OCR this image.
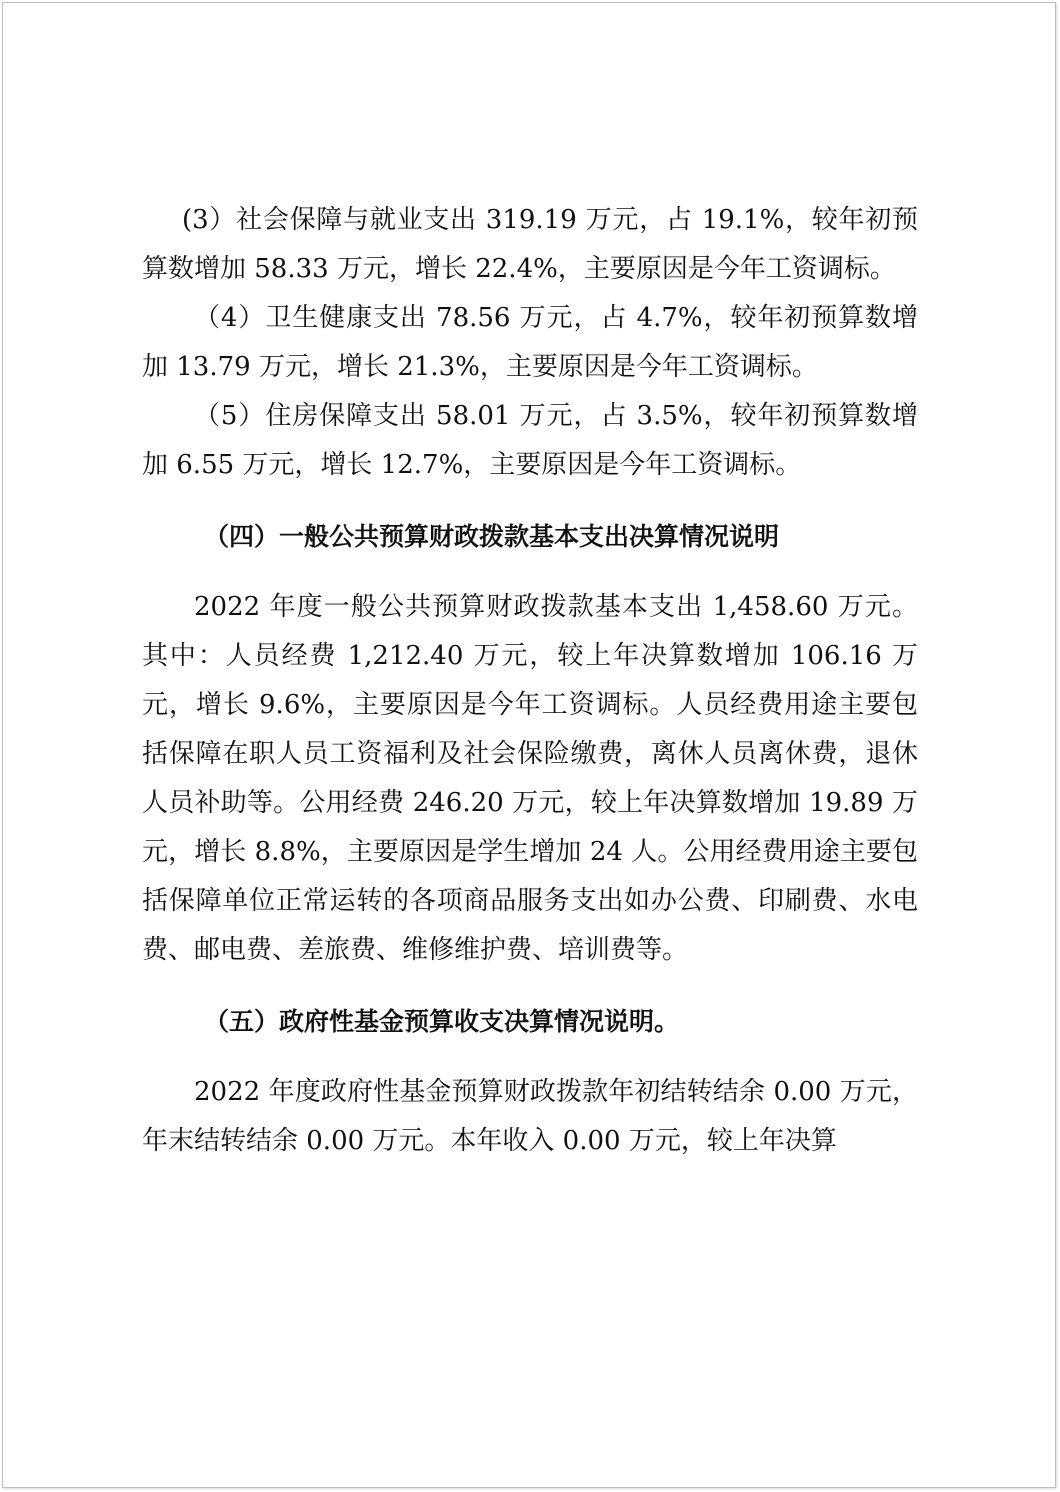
(3）社会保障与就业支出 319.19 万元，占 19.1%，较年初预算数增加 58.33 万元，增长 22.4%，主要原因是今年工资调标。

（4）卫生健康支出 78.56 万元，占 4.7%，较年初预算数增加 13.79 万元，增长 21.3%，主要原因是今年工资调标。

（5）住房保障支出 58.01 万元，占 3.5%，较年初预算数增加 6.55 万元，增长 12.7%，主要原因是今年工资调标。

（四）一般公共预算财政拨款基本支出决算情况说明

2022 年度一般公共预算财政拨款基本支出 1,458.60 万元。其中：人员经费 1,212.40 万元，较上年决算数增加 106.16 万元，增长 9.6%，主要原因是今年工资调标。人员经费用途主要包括保障在职人员工资福利及社会保险缴费，离休人员离休费，退休人员补助等。公用经费 246.20 万元，较上年决算数增加 19.89 万元，增长 8.8%，主要原因是学生增加 24 人。公用经费用途主要包括保障单位正常运转的各项商品服务支出如办公费、印刷费、水电费、邮电费、差旅费、维修维护费、培训费等。

（五）政府性基金预算收支决算情况说明。

2022 年度政府性基金预算财政拨款年初结转结余 0.00 万元，年末结转结余 0.00 万元。本年收入 0.00 万元，较上年决算
